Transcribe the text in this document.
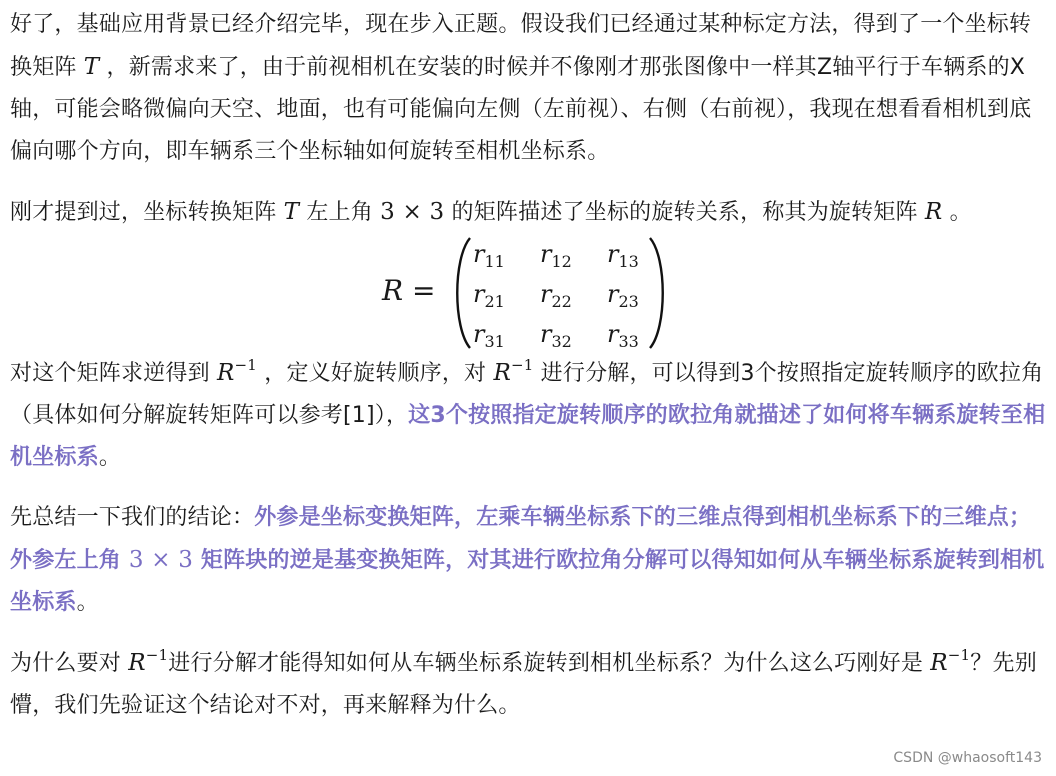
好了，基础应用背景已经介绍完毕，现在步入正题。假设我们已经通过某种标定方法，得到了一个坐标转换矩阵 T ，新需求来了，由于前视相机在安装的时候并不像刚才那张图像中一样其Z轴平行于车辆系的X轴，可能会略微偏向天空、地面，也有可能偏向左侧（左前视）、右侧（右前视），我现在想看看相机到底偏向哪个方向，即车辆系三个坐标轴如何旋转至相机坐标系。

刚才提到过，坐标转换矩阵 T 左上角 3 × 3 的矩阵描述了坐标的旋转关系，称其为旋转矩阵 R 。

R =
$r_{11}$ $r_{12}$ $r_{13}$
$r_{21}$ $r_{22}$ $r_{23}$
$r_{31}$ $r_{32}$ $r_{33}$

对这个矩阵求逆得到 $R^{-1}$ ，定义好旋转顺序，对 $R^{-1}$ 进行分解，可以得到3个按照指定旋转顺序的欧拉角（具体如何分解旋转矩阵可以参考[1]），这3个按照指定旋转顺序的欧拉角就描述了如何将车辆系旋转至相机坐标系。

先总结一下我们的结论：外参是坐标变换矩阵，左乘车辆坐标系下的三维点得到相机坐标系下的三维点；外参左上角 3 × 3 矩阵块的逆是基变换矩阵，对其进行欧拉角分解可以得知如何从车辆坐标系旋转到相机坐标系。

为什么要对 $R^{-1}$进行分解才能得知如何从车辆坐标系旋转到相机坐标系？为什么这么巧刚好是 $R^{-1}$？先别懵，我们先验证这个结论对不对，再来解释为什么。

CSDN @whaosoft143
